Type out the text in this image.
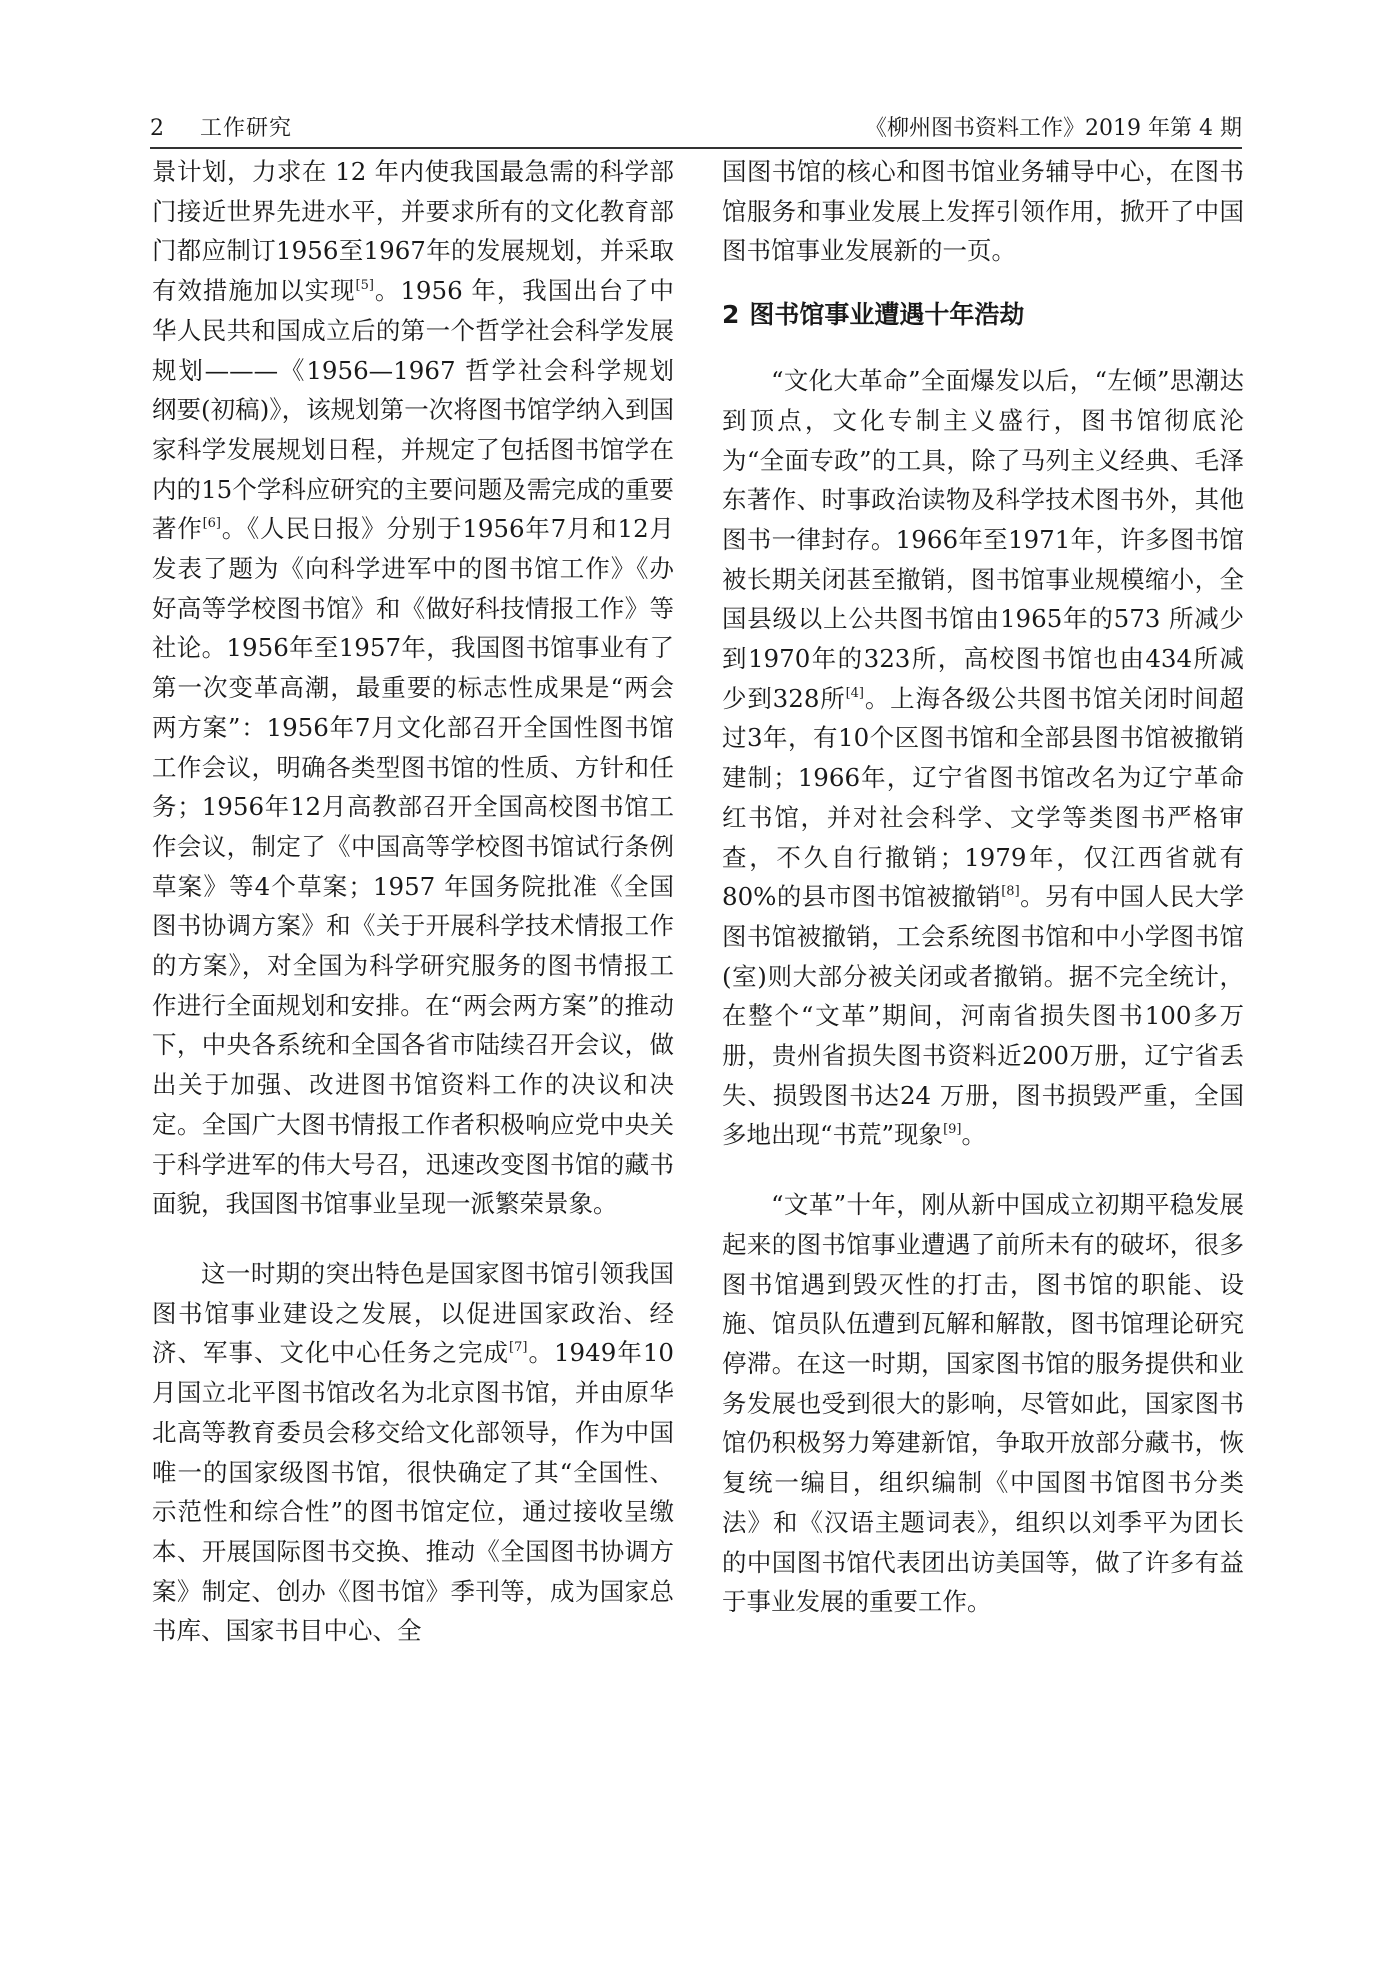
2 工作研究	《柳州图书资料工作》2019 年第 4 期

景计划，力求在 12 年内使我国最急需的科学部门接近世界先进水平，并要求所有的文化教育部门都应制订1956至1967年的发展规划，并采取有效措施加以实现[5]。1956 年，我国出台了中华人民共和国成立后的第一个哲学社会科学发展规划———《1956—1967 哲学社会科学规划纲要(初稿)》，该规划第一次将图书馆学纳入到国家科学发展规划日程，并规定了包括图书馆学在内的15个学科应研究的主要问题及需完成的重要著作[6]。《人民日报》分别于1956年7月和12月发表了题为《向科学进军中的图书馆工作》《办好高等学校图书馆》和《做好科技情报工作》等社论。1956年至1957年，我国图书馆事业有了第一次变革高潮，最重要的标志性成果是“两会两方案”：1956年7月文化部召开全国性图书馆工作会议，明确各类型图书馆的性质、方针和任务；1956年12月高教部召开全国高校图书馆工作会议，制定了《中国高等学校图书馆试行条例草案》等4个草案；1957 年国务院批准《全国图书协调方案》和《关于开展科学技术情报工作的方案》，对全国为科学研究服务的图书情报工作进行全面规划和安排。在“两会两方案”的推动下，中央各系统和全国各省市陆续召开会议，做出关于加强、改进图书馆资料工作的决议和决定。全国广大图书情报工作者积极响应党中央关于科学进军的伟大号召，迅速改变图书馆的藏书面貌，我国图书馆事业呈现一派繁荣景象。

这一时期的突出特色是国家图书馆引领我国图书馆事业建设之发展，以促进国家政治、经济、军事、文化中心任务之完成[7]。1949年10月国立北平图书馆改名为北京图书馆，并由原华北高等教育委员会移交给文化部领导，作为中国唯一的国家级图书馆，很快确定了其“全国性、示范性和综合性”的图书馆定位，通过接收呈缴本、开展国际图书交换、推动《全国图书协调方案》制定、创办《图书馆》季刊等，成为国家总书库、国家书目中心、全

国图书馆的核心和图书馆业务辅导中心，在图书馆服务和事业发展上发挥引领作用，掀开了中国图书馆事业发展新的一页。

2 图书馆事业遭遇十年浩劫

“文化大革命”全面爆发以后，“左倾”思潮达到顶点，文化专制主义盛行，图书馆彻底沦为“全面专政”的工具，除了马列主义经典、毛泽东著作、时事政治读物及科学技术图书外，其他图书一律封存。1966年至1971年，许多图书馆被长期关闭甚至撤销，图书馆事业规模缩小，全国县级以上公共图书馆由1965年的573 所减少到1970年的323所，高校图书馆也由434所减少到328所[4]。上海各级公共图书馆关闭时间超过3年，有10个区图书馆和全部县图书馆被撤销建制；1966年，辽宁省图书馆改名为辽宁革命红书馆，并对社会科学、文学等类图书严格审查，不久自行撤销；1979年，仅江西省就有80%的县市图书馆被撤销[8]。另有中国人民大学图书馆被撤销，工会系统图书馆和中小学图书馆(室)则大部分被关闭或者撤销。据不完全统计，在整个“文革”期间，河南省损失图书100多万册，贵州省损失图书资料近200万册，辽宁省丢失、损毁图书达24 万册，图书损毁严重，全国多地出现“书荒”现象[9]。

“文革”十年，刚从新中国成立初期平稳发展起来的图书馆事业遭遇了前所未有的破坏，很多图书馆遇到毁灭性的打击，图书馆的职能、设施、馆员队伍遭到瓦解和解散，图书馆理论研究停滞。在这一时期，国家图书馆的服务提供和业务发展也受到很大的影响，尽管如此，国家图书馆仍积极努力筹建新馆，争取开放部分藏书，恢复统一编目，组织编制《中国图书馆图书分类法》和《汉语主题词表》，组织以刘季平为团长的中国图书馆代表团出访美国等，做了许多有益于事业发展的重要工作。
